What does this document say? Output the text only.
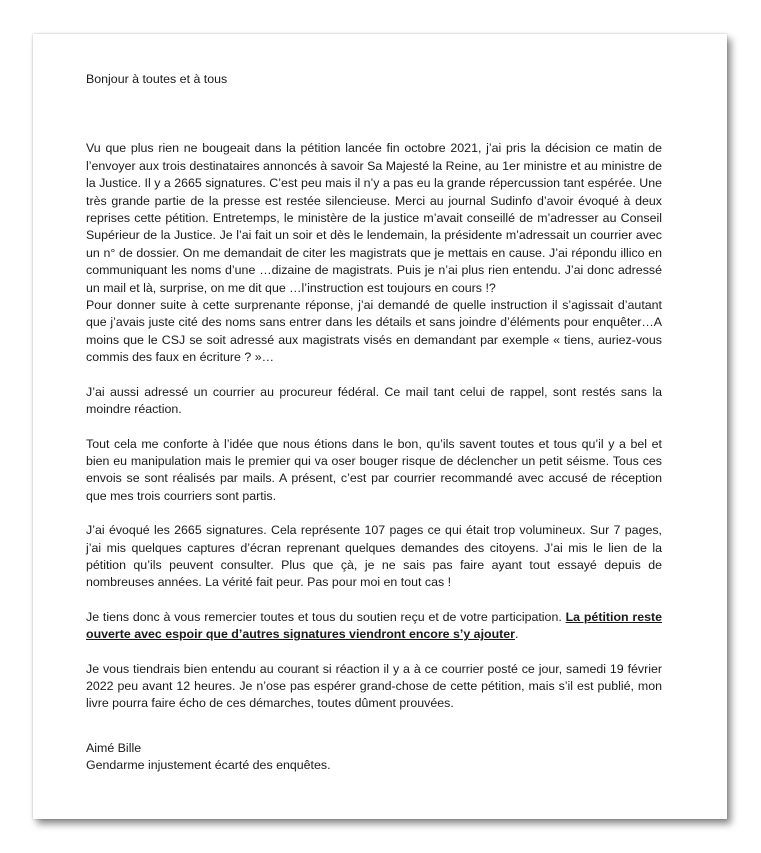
Bonjour à toutes et à tous

Vu que plus rien ne bougeait dans la pétition lancée fin octobre 2021, j’ai pris la décision ce matin de l’envoyer aux trois destinataires annoncés à savoir Sa Majesté la Reine, au 1er ministre et au ministre de la Justice. Il y a 2665 signatures. C’est peu mais il n’y a pas eu la grande répercussion tant espérée. Une très grande partie de la presse est restée silencieuse. Merci au journal Sudinfo d’avoir évoqué à deux reprises cette pétition. Entretemps, le ministère de la justice m’avait conseillé de m’adresser au Conseil Supérieur de la Justice. Je l’ai fait un soir et dès le lendemain, la présidente m’adressait un courrier avec un n° de dossier. On me demandait de citer les magistrats que je mettais en cause. J’ai répondu illico en communiquant les noms d’une …dizaine de magistrats. Puis je n’ai plus rien entendu. J’ai donc adressé un mail et là, surprise, on me dit que …l’instruction est toujours en cours !?

Pour donner suite à cette surprenante réponse, j’ai demandé de quelle instruction il s’agissait d’autant que j’avais juste cité des noms sans entrer dans les détails et sans joindre d’éléments pour enquêter…A moins que le CSJ se soit adressé aux magistrats visés en demandant par exemple « tiens, auriez-vous commis des faux en écriture ? »…

J’ai aussi adressé un courrier au procureur fédéral. Ce mail tant celui de rappel, sont restés sans la moindre réaction.

Tout cela me conforte à l’idée que nous étions dans le bon, qu’ils savent toutes et tous qu’il y a bel et bien eu manipulation mais le premier qui va oser bouger risque de déclencher un petit séisme. Tous ces envois se sont réalisés par mails. A présent, c’est par courrier recommandé avec accusé de réception que mes trois courriers sont partis.

J’ai évoqué les 2665 signatures. Cela représente 107 pages ce qui était trop volumineux. Sur 7 pages, j’ai mis quelques captures d’écran reprenant quelques demandes des citoyens. J’ai mis le lien de la pétition qu’ils peuvent consulter. Plus que çà, je ne sais pas faire ayant tout essayé depuis de nombreuses années. La vérité fait peur. Pas pour moi en tout cas !

Je tiens donc à vous remercier toutes et tous du soutien reçu et de votre participation. La pétition reste ouverte avec espoir que d’autres signatures viendront encore s’y ajouter.

Je vous tiendrais bien entendu au courant si réaction il y a à ce courrier posté ce jour, samedi 19 février 2022 peu avant 12 heures. Je n’ose pas espérer grand-chose de cette pétition, mais s’il est publié, mon livre pourra faire écho de ces démarches, toutes dûment prouvées.

Aimé Bille

Gendarme injustement écarté des enquêtes.
